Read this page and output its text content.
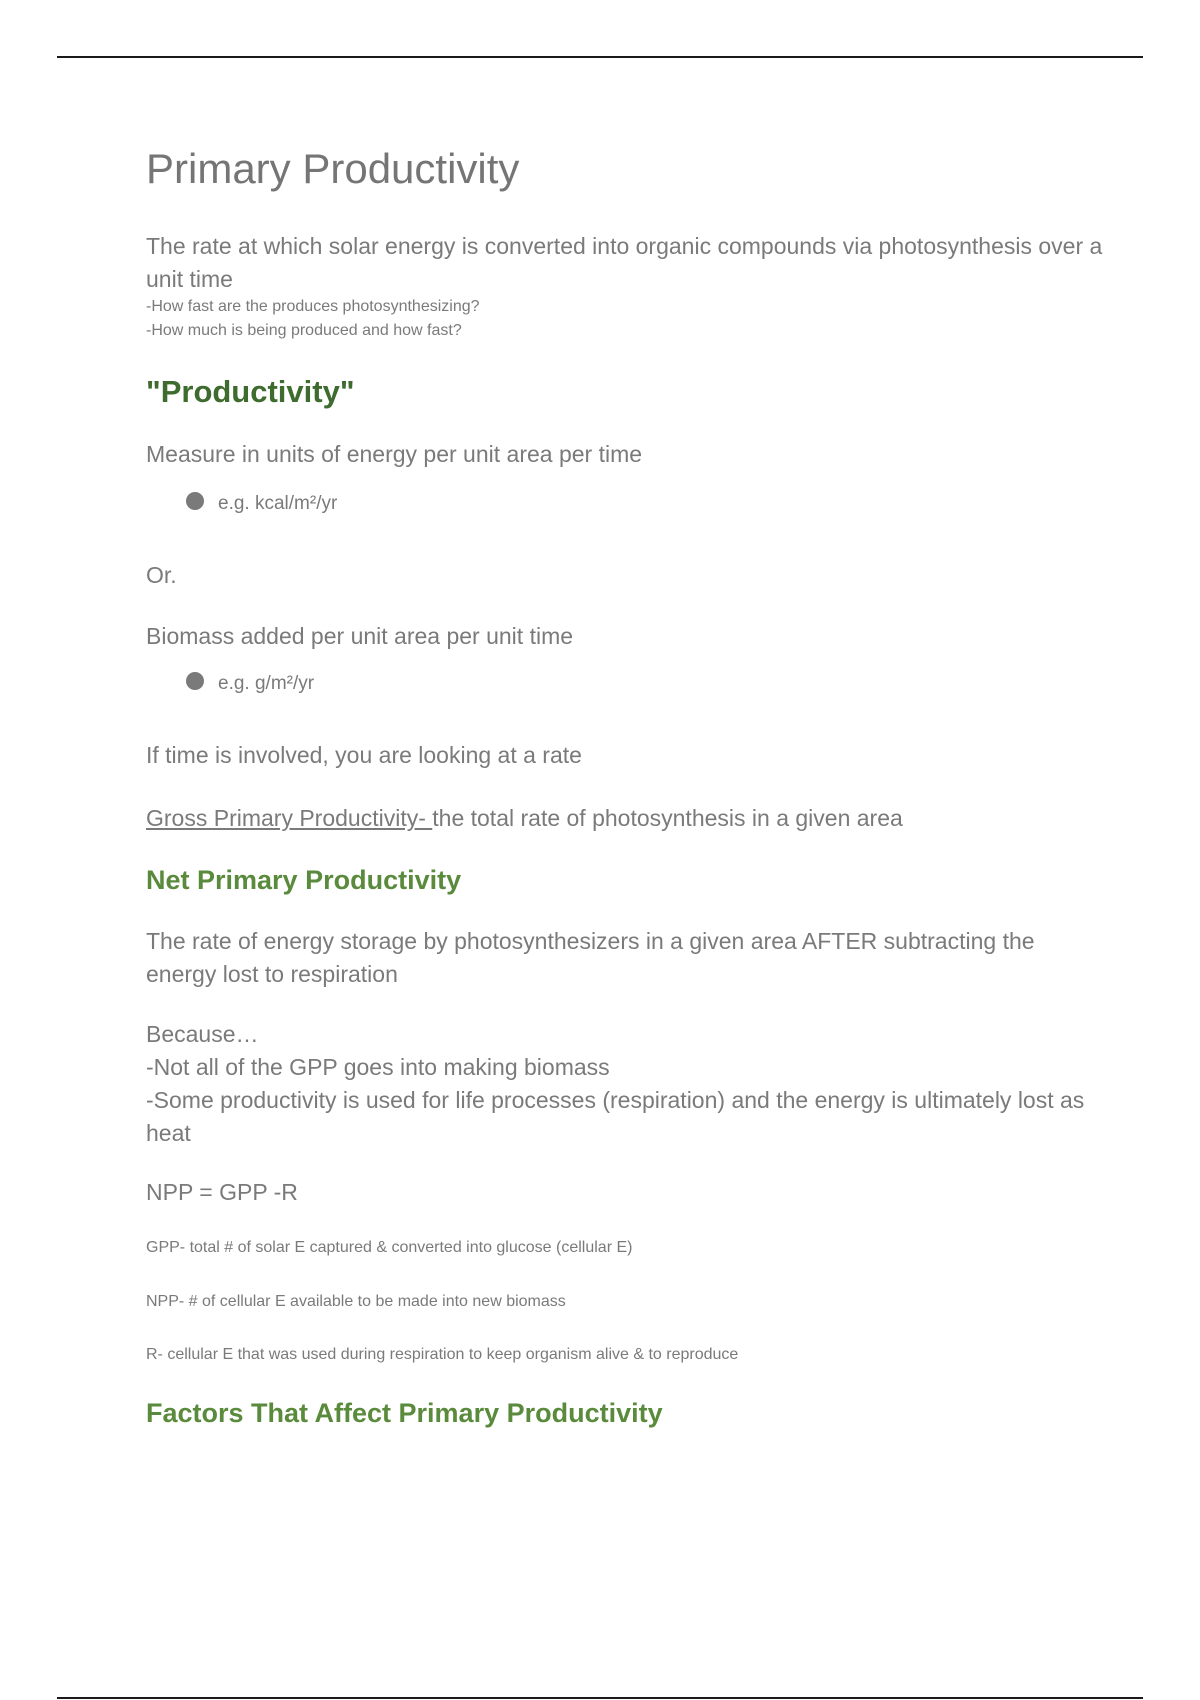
Primary Productivity
The rate at which solar energy is converted into organic compounds via photosynthesis over a unit time
-How fast are the produces photosynthesizing?
-How much is being produced and how fast?
"Productivity"
Measure in units of energy per unit area per time
e.g. kcal/m²/yr
Or.
Biomass added per unit area per unit time
e.g. g/m²/yr
If time is involved, you are looking at a rate
Gross Primary Productivity- the total rate of photosynthesis in a given area
Net Primary Productivity
The rate of energy storage by photosynthesizers in a given area AFTER subtracting the energy lost to respiration
Because…
-Not all of the GPP goes into making biomass
-Some productivity is used for life processes (respiration) and the energy is ultimately lost as heat
NPP = GPP -R
GPP- total # of solar E captured & converted into glucose (cellular E)
NPP- # of cellular E available to be made into new biomass
R- cellular E that was used during respiration to keep organism alive & to reproduce
Factors That Affect Primary Productivity
